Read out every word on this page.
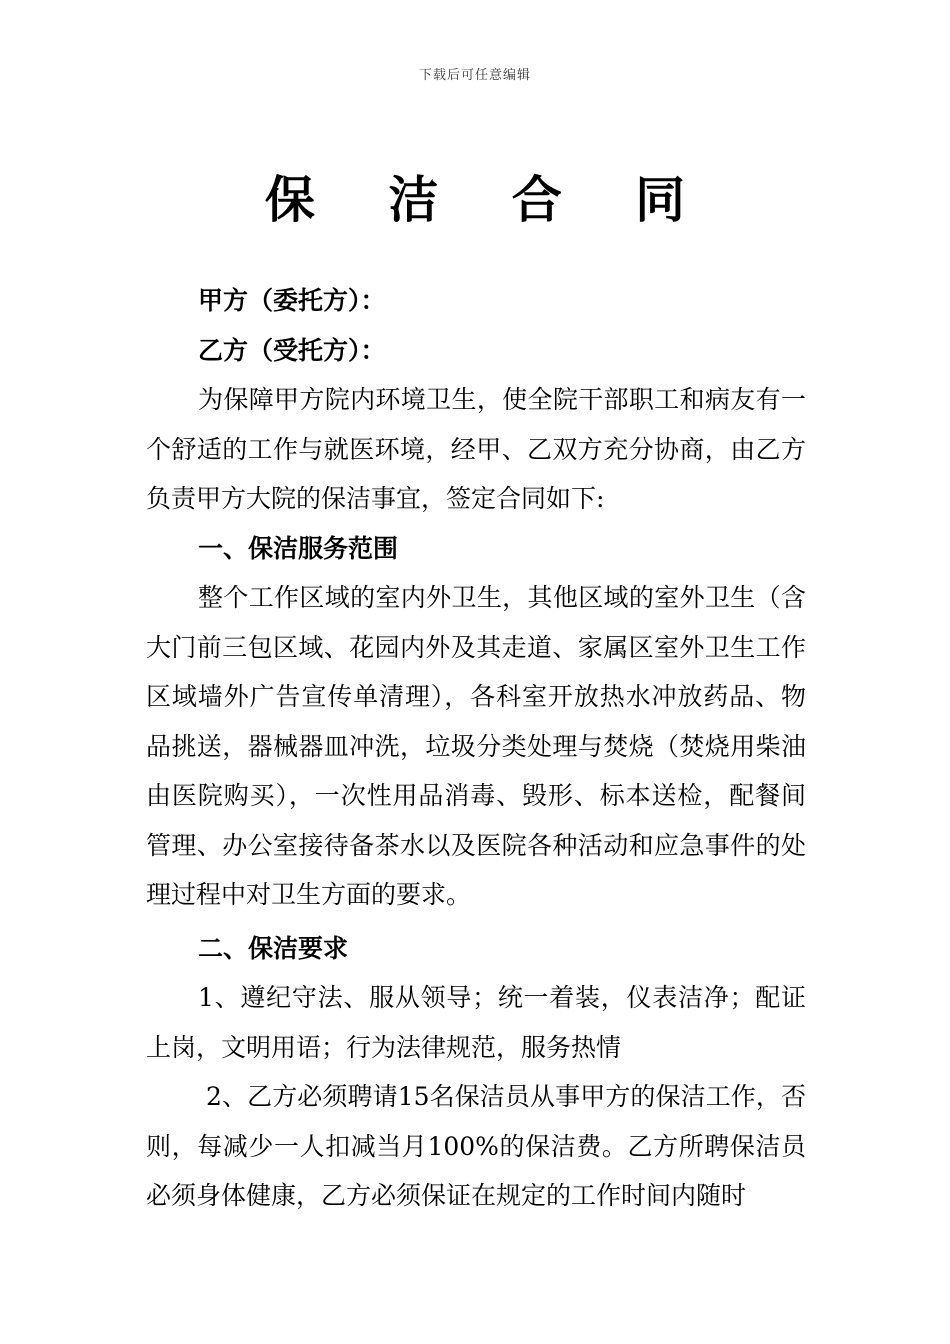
下载后可任意编辑
保 洁 合 同

甲方（委托方）：

乙方（受托方）：

为保障甲方院内环境卫生，使全院干部职工和病友有一个舒适的工作与就医环境，经甲、乙双方充分协商，由乙方负责甲方大院的保洁事宜，签定合同如下:

一、保洁服务范围

整个工作区域的室内外卫生，其他区域的室外卫生（含大门前三包区域、花园内外及其走道、家属区室外卫生工作区域墙外广告宣传单清理），各科室开放热水冲放药品、物品挑送，器械器皿冲洗，垃圾分类处理与焚烧（焚烧用柴油由医院购买），一次性用品消毒、毁形、标本送检，配餐间管理、办公室接待备茶水以及医院各种活动和应急事件的处理过程中对卫生方面的要求。

二、保洁要求

1、遵纪守法、服从领导；统一着装，仪表洁净；配证上岗，文明用语；行为法律规范，服务热情

2、乙方必须聘请15名保洁员从事甲方的保洁工作，否则，每减少一人扣减当月100%的保洁费。乙方所聘保洁员必须身体健康，乙方必须保证在规定的工作时间内随时
